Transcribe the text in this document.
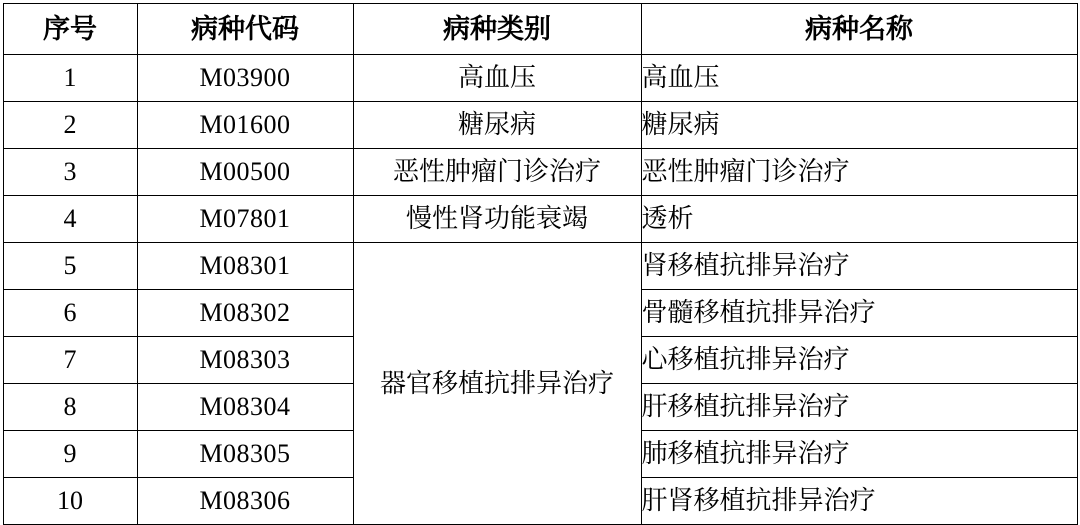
序号	病种代码	病种类别	病种名称
1	M03900	高血压	高血压
2	M01600	糖尿病	糖尿病
3	M00500	恶性肿瘤门诊治疗	恶性肿瘤门诊治疗
4	M07801	慢性肾功能衰竭	透析
5	M08301	器官移植抗排异治疗	肾移植抗排异治疗
6	M08302		骨髓移植抗排异治疗
7	M08303		心移植抗排异治疗
8	M08304		肝移植抗排异治疗
9	M08305		肺移植抗排异治疗
10	M08306		肝肾移植抗排异治疗
